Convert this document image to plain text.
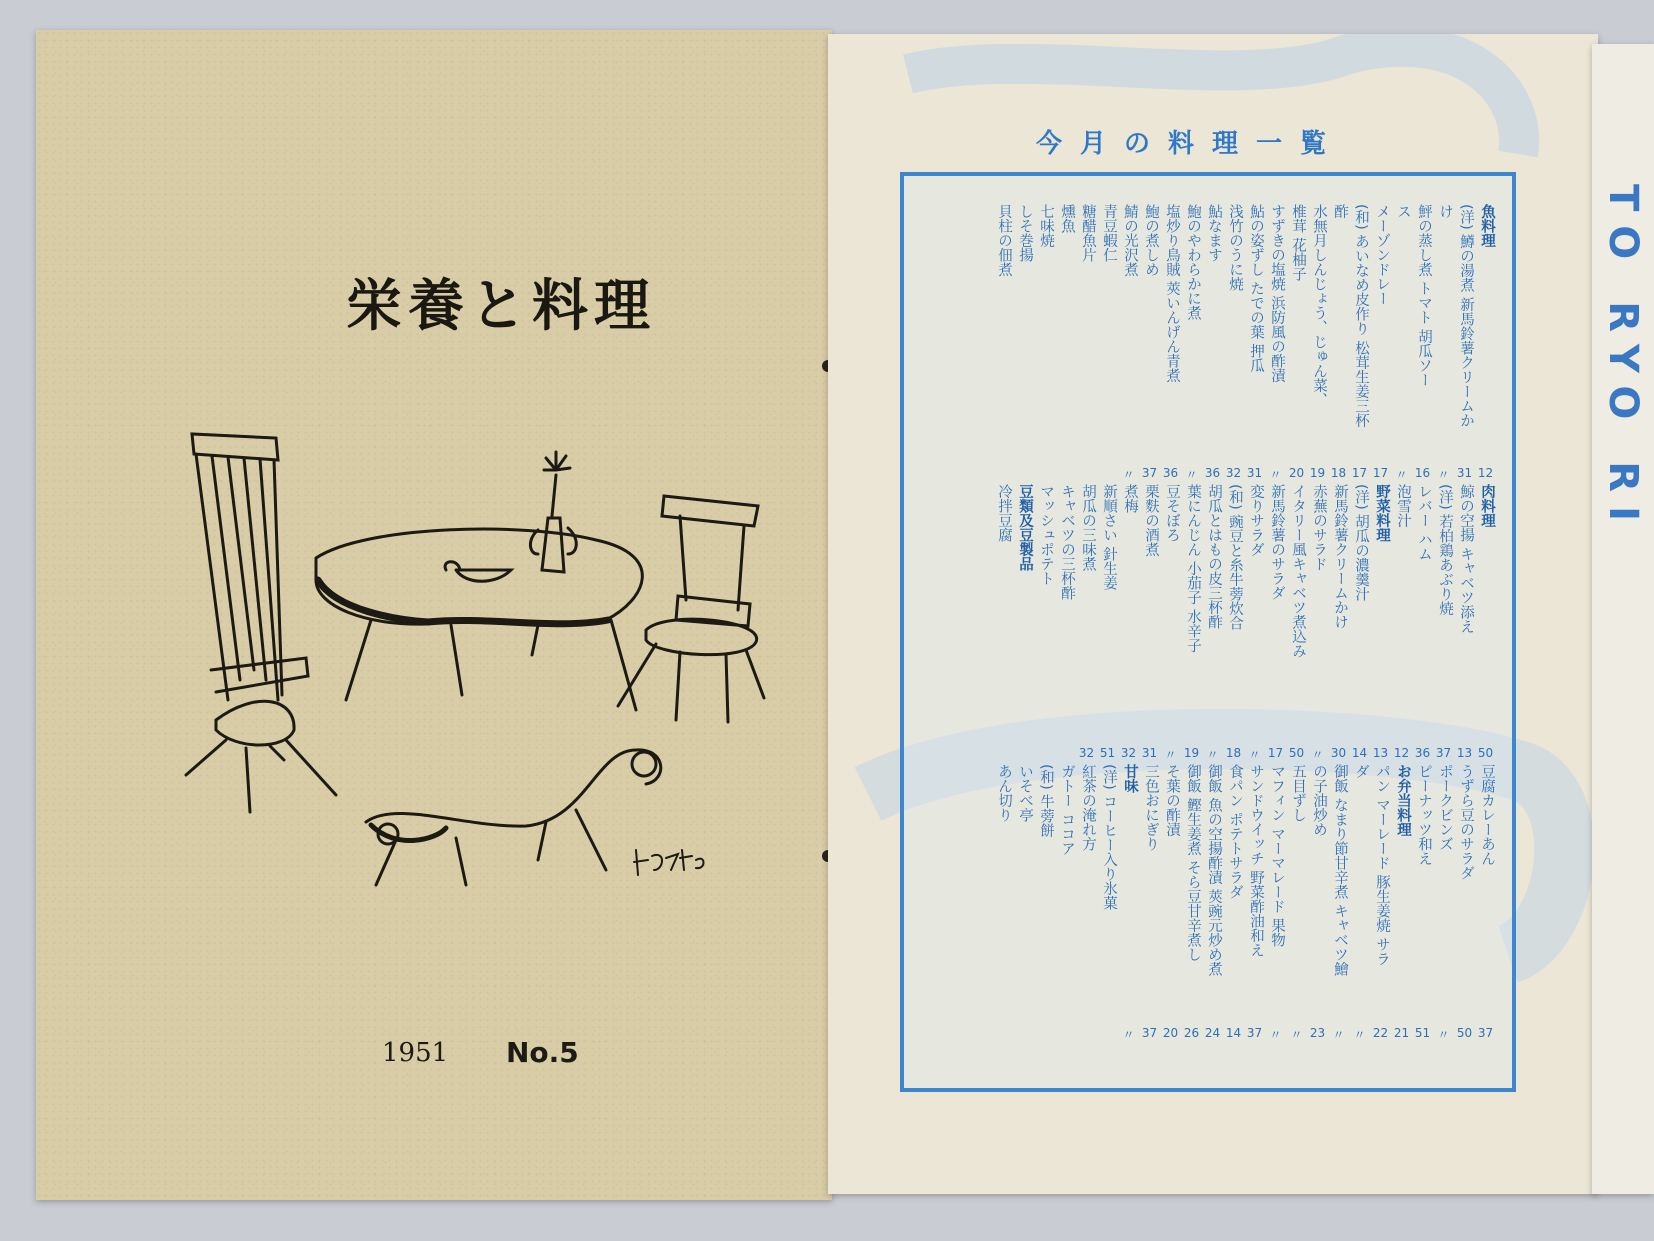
栄養と料理
1951 No.5
今月の料理一覧
魚料理
(洋) 鱒の湯煮 新馬鈴薯クリームか
け
鮃の蒸し煮 トマト 胡瓜ソー
ス
メーゾンドレー
(和) あいなめ皮作り 松茸生姜三杯
酢
水無月しんじょう、じゅん菜、
椎茸 花柚子
すずきの塩焼 浜防風の酢漬
鮎の姿ずし たでの葉 押瓜
浅竹のうに焼
鮎なます
鮑のやわらかに煮
塩炒り鳥賊 莢いんげん青煮
鮑の煮しめ
鯖の光沢煮
青豆蝦仁
糖醋魚片
燻魚
七味焼
しそ巻揚
貝柱の佃煮
12
31
〃
16
〃
17
17
18
19
20
〃
31
32
36
〃
36
37
〃
肉料理
鯨の空揚 キャベツ添え
(洋) 若柏鶏あぶり焼
レバー ハム
泡雪汁
野菜料理
(洋) 胡瓜の濃羹汁
新馬鈴薯クリームかけ
赤蕪のサラド
イタリー風キャベツ煮込み
新馬鈴薯のサラダ
変りサラダ
(和) 豌豆と糸牛蒡炊合
胡瓜とはもの皮三杯酢
葉にんじん 小茄子 水辛子
豆そぼろ
栗麩の酒煮
煮梅
新順さい 針生姜
胡瓜の三味煮
キャベツの三杯酢
マッシュポテト
豆類及豆製品
冷拌豆腐
50
13
37
36
12
13
14
30
〃
50
17
〃
18
〃
19
〃
31
32
51
32
豆腐カレーあん
うずら豆のサラダ
ポークビンズ
ピーナッツ和え
お弁当料理
パン マーレード 豚生姜焼 サラ
ダ
御飯 なまり節甘辛煮 キャベツ鱠
の子油炒め
五目ずし
マフィン マーマレード 果物
サンドウイッチ 野菜酢油和え
食パン ポテトサラダ
御飯 魚の空揚酢漬 莢豌元炒め煮
御飯 鰹生姜煮 そら豆甘辛煮し
そ葉の酢漬
三色おにぎり
甘味
(洋) コーヒー入り氷菓
紅茶の淹れ方
ガトー ココア
(和) 牛蒡餅
いそべ亭
あん切り
37
50
〃
51
21
22
〃
〃
23
〃
〃
37
14
24
26
20
37
〃
TO RYO RI
